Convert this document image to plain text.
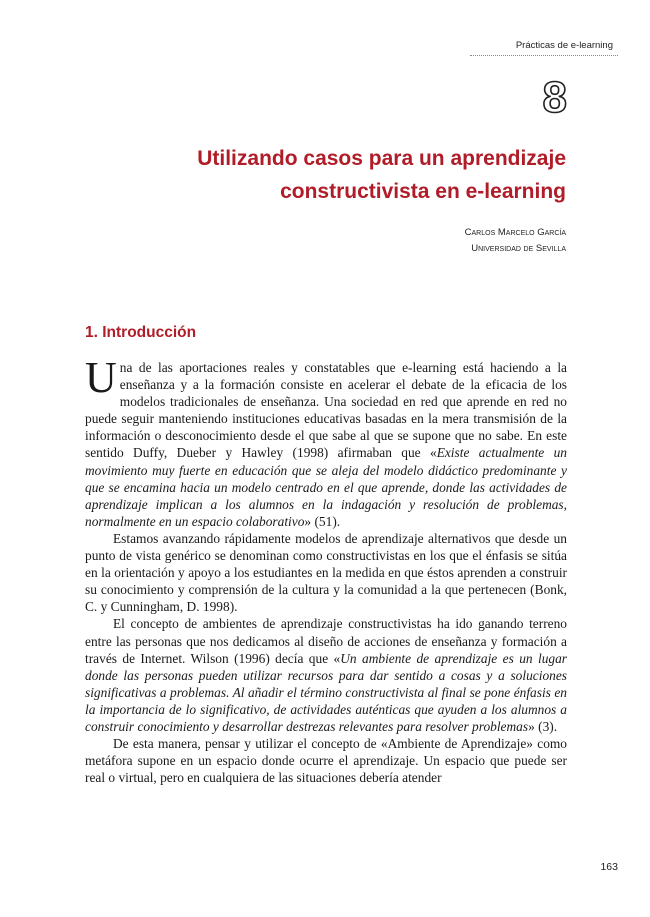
Prácticas de e-learning
8
Utilizando casos para un aprendizaje
constructivista en e-learning
Carlos Marcelo García
Universidad de Sevilla
1. Introducción

Una de las aportaciones reales y constatables que e-learning está haciendo a la enseñanza y a la formación consiste en acelerar el debate de la eficacia de los modelos tradicionales de enseñanza. Una sociedad en red que aprende en red no puede seguir manteniendo instituciones educativas basadas en la mera transmisión de la información o desconocimiento desde el que sabe al que se supone que no sabe. En este sentido Duffy, Dueber y Hawley (1998) afirmaban que «Existe actualmente un movimiento muy fuerte en educación que se aleja del modelo didáctico predominante y que se encamina hacia un modelo centrado en el que aprende, donde las actividades de aprendizaje implican a los alumnos en la indagación y resolución de problemas, normalmente en un espacio colaborativo» (51).

Estamos avanzando rápidamente modelos de aprendizaje alternativos que desde un punto de vista genérico se denominan como constructivistas en los que el énfasis se sitúa en la orientación y apoyo a los estudiantes en la medida en que éstos aprenden a construir su conocimiento y comprensión de la cultura y la comunidad a la que pertenecen (Bonk, C. y Cunningham, D. 1998).

El concepto de ambientes de aprendizaje constructivistas ha ido ganando terreno entre las personas que nos dedicamos al diseño de acciones de enseñanza y formación a través de Internet. Wilson (1996) decía que «Un ambiente de aprendizaje es un lugar donde las personas pueden utilizar recursos para dar sentido a cosas y a soluciones significativas a problemas. Al añadir el término constructivista al final se pone énfasis en la importancia de lo significativo, de actividades auténticas que ayuden a los alumnos a construir conocimiento y desarrollar destrezas relevantes para resolver problemas» (3).

De esta manera, pensar y utilizar el concepto de «Ambiente de Aprendizaje» como metáfora supone en un espacio donde ocurre el aprendizaje. Un espacio que puede ser real o virtual, pero en cualquiera de las situaciones debería atender

163
